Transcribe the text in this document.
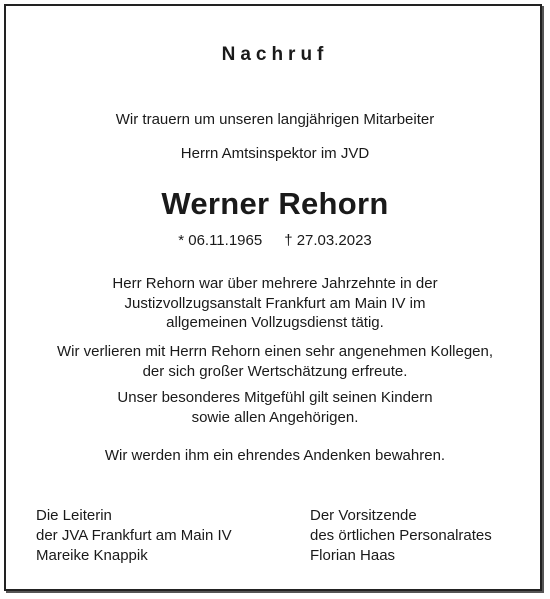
Nachruf
Wir trauern um unseren langjährigen Mitarbeiter
Herrn Amtsinspektor im JVD
Werner Rehorn
* 06.11.1965 † 27.03.2023
Herr Rehorn war über mehrere Jahrzehnte in der
Justizvollzugsanstalt Frankfurt am Main IV im
allgemeinen Vollzugsdienst tätig.
Wir verlieren mit Herrn Rehorn einen sehr angenehmen Kollegen,
der sich großer Wertschätzung erfreute.
Unser besonderes Mitgefühl gilt seinen Kindern
sowie allen Angehörigen.
Wir werden ihm ein ehrendes Andenken bewahren.
Die Leiterin
der JVA Frankfurt am Main IV
Mareike Knappik
Der Vorsitzende
des örtlichen Personalrates
Florian Haas
